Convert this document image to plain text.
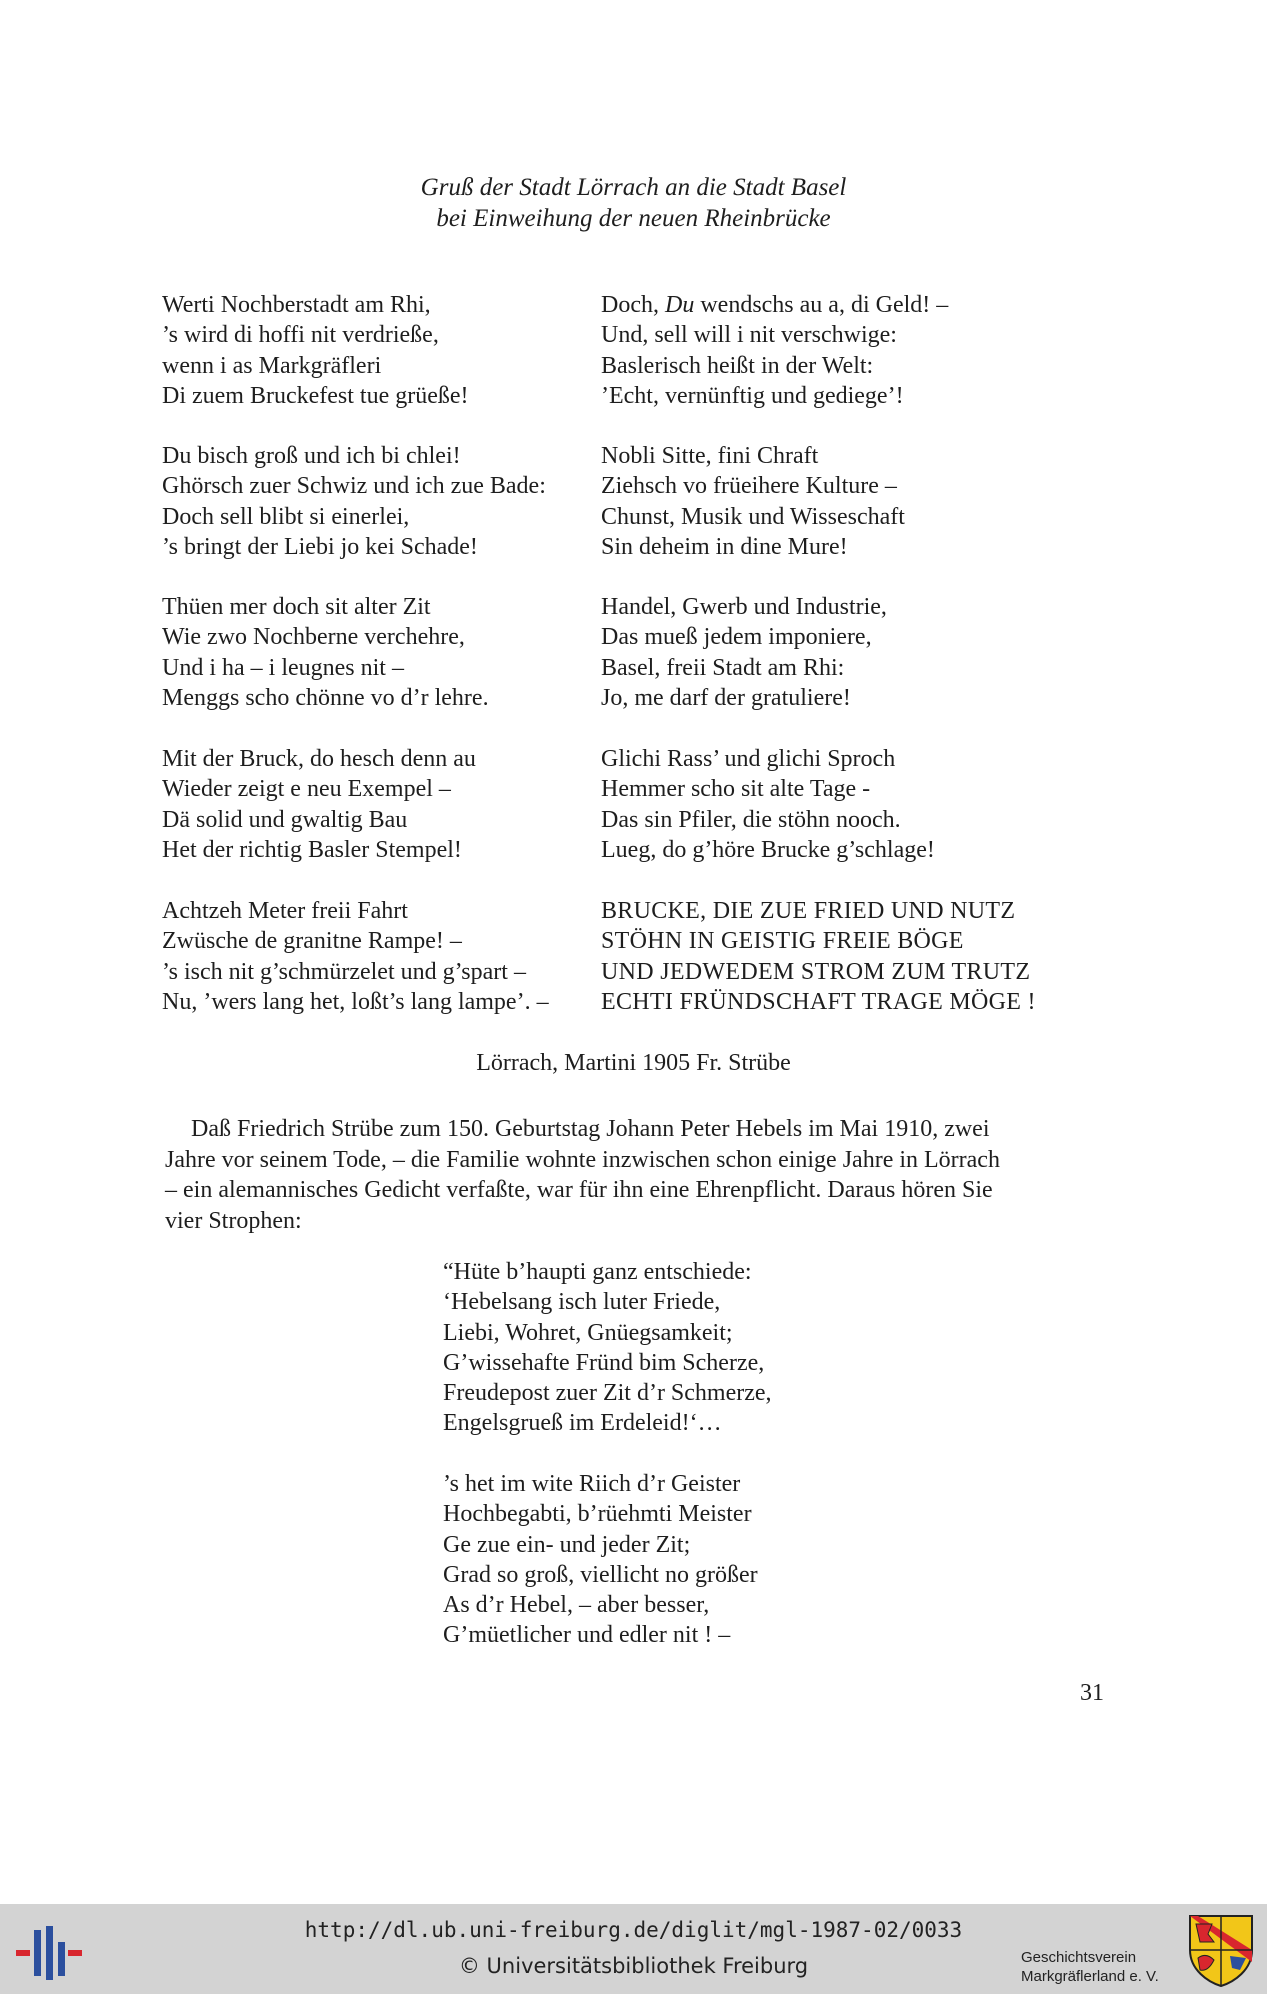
Gruß der Stadt Lörrach an die Stadt Basel
bei Einweihung der neuen Rheinbrücke
Werti Nochberstadt am Rhi,
’s wird di hoffi nit verdrieße,
wenn i as Markgräfleri
Di zuem Bruckefest tue grüeße!
Du bisch groß und ich bi chlei!
Ghörsch zuer Schwiz und ich zue Bade:
Doch sell blibt si einerlei,
’s bringt der Liebi jo kei Schade!
Thüen mer doch sit alter Zit
Wie zwo Nochberne verchehre,
Und i ha – i leugnes nit –
Menggs scho chönne vo d’r lehre.
Mit der Bruck, do hesch denn au
Wieder zeigt e neu Exempel –
Dä solid und gwaltig Bau
Het der richtig Basler Stempel!
Achtzeh Meter freii Fahrt
Zwüsche de granitne Rampe! –
’s isch nit g’schmürzelet und g’spart –
Nu, ’wers lang het, loßt’s lang lampe’. –
Doch, Du wendschs au a, di Geld! –
Und, sell will i nit verschwige:
Baslerisch heißt in der Welt:
’Echt, vernünftig und gediege’!
Nobli Sitte, fini Chraft
Ziehsch vo früeihere Kulture –
Chunst, Musik und Wisseschaft
Sin deheim in dine Mure!
Handel, Gwerb und Industrie,
Das mueß jedem imponiere,
Basel, freii Stadt am Rhi:
Jo, me darf der gratuliere!
Glichi Rass’ und glichi Sproch
Hemmer scho sit alte Tage -
Das sin Pfiler, die stöhn nooch.
Lueg, do g’höre Brucke g’schlage!
BRUCKE, DIE ZUE FRIED UND NUTZ
STÖHN IN GEISTIG FREIE BÖGE
UND JEDWEDEM STROM ZUM TRUTZ
ECHTI FRÜNDSCHAFT TRAGE MÖGE !
Lörrach, Martini 1905 Fr. Strübe
Daß Friedrich Strübe zum 150. Geburtstag Johann Peter Hebels im Mai 1910, zwei
Jahre vor seinem Tode, – die Familie wohnte inzwischen schon einige Jahre in Lörrach
– ein alemannisches Gedicht verfaßte, war für ihn eine Ehrenpflicht. Daraus hören Sie
vier Strophen:
“Hüte b’haupti ganz entschiede:
‘Hebelsang isch luter Friede,
Liebi, Wohret, Gnüegsamkeit;
G’wissehafte Fründ bim Scherze,
Freudepost zuer Zit d’r Schmerze,
Engelsgrueß im Erdeleid!‘…
’s het im wite Riich d’r Geister
Hochbegabti, b’rüehmti Meister
Ge zue ein- und jeder Zit;
Grad so groß, viellicht no größer
As d’r Hebel, – aber besser,
G’müetlicher und edler nit ! –
31
http://dl.ub.uni-freiburg.de/diglit/mgl-1987-02/0033
© Universitätsbibliothek Freiburg	Geschichtsverein
Markgräflerland e. V.
